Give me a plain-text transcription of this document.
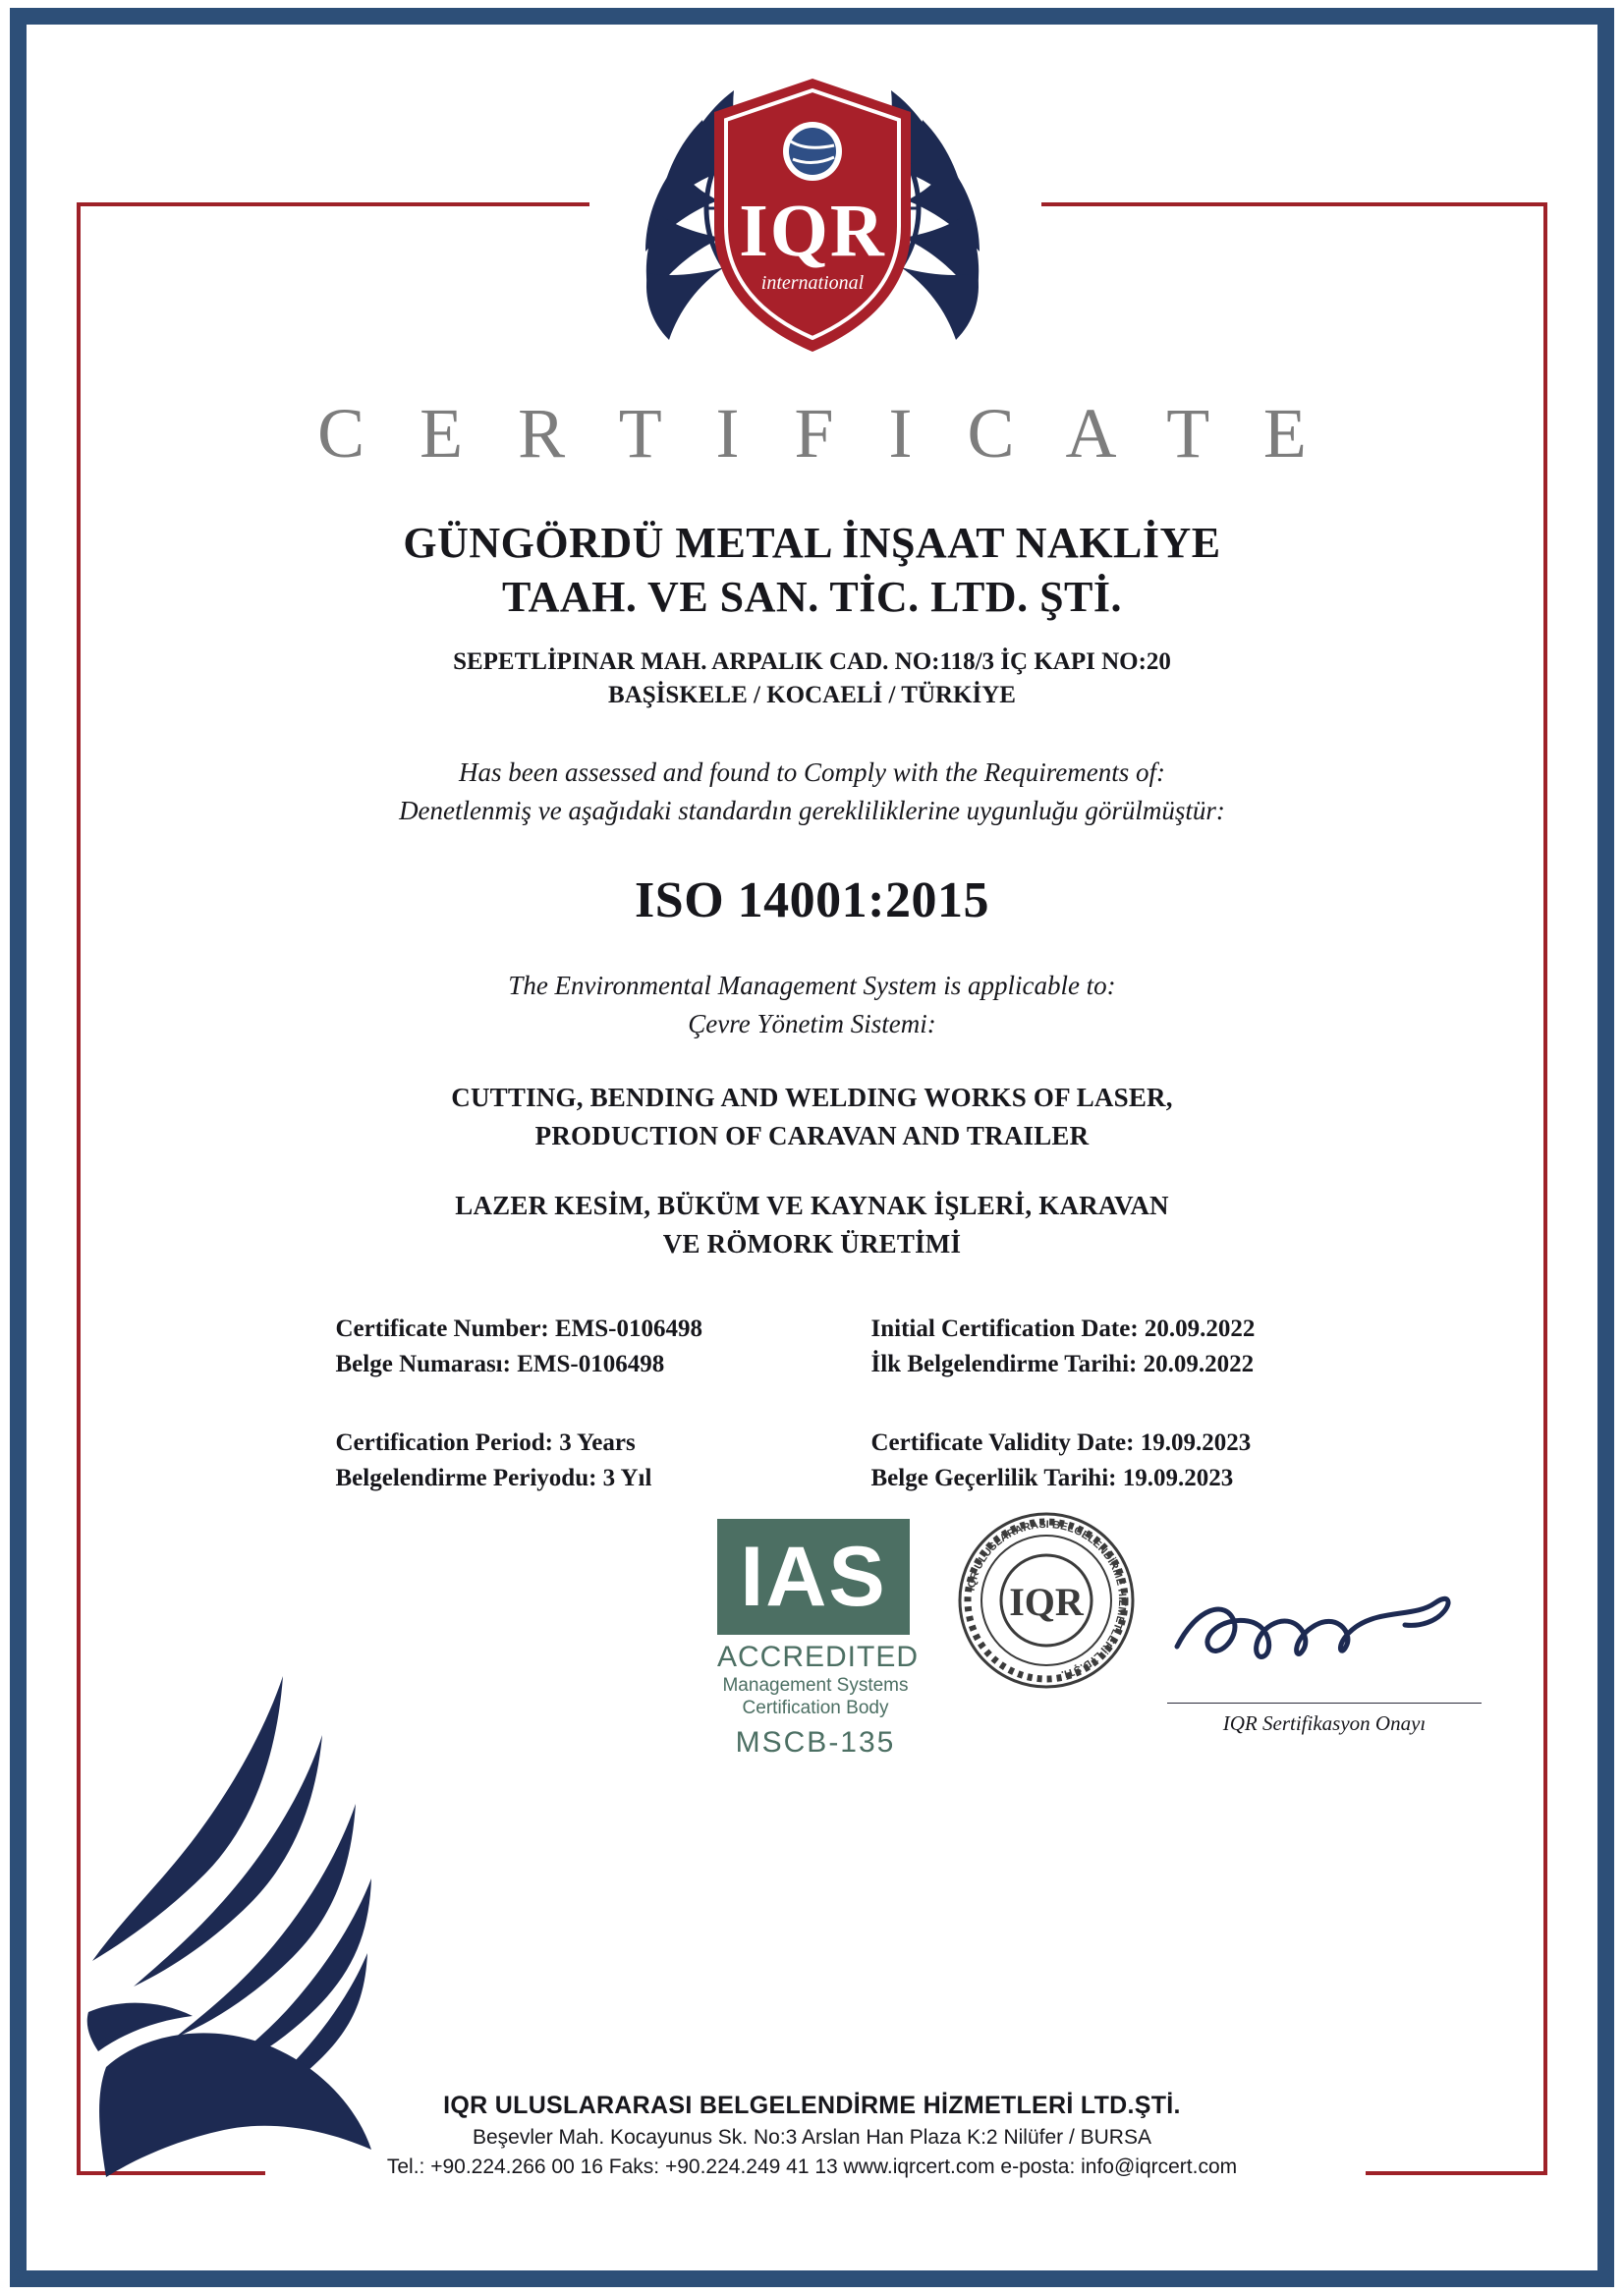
IQR
international
C E R T I F I C A T E
GÜNGÖRDÜ METAL İNŞAAT NAKLİYE
TAAH. VE SAN. TİC. LTD. ŞTİ.
SEPETLİPINAR MAH. ARPALIK CAD. NO:118/3 İÇ KAPI NO:20
BAŞİSKELE / KOCAELİ / TÜRKİYE
Has been assessed and found to Comply with the Requirements of:
Denetlenmiş ve aşağıdaki standardın gerekliliklerine uygunluğu görülmüştür:
ISO 14001:2015
The Environmental Management System is applicable to:
Çevre Yönetim Sistemi:
CUTTING, BENDING AND WELDING WORKS OF LASER,
PRODUCTION OF CARAVAN AND TRAILER
LAZER KESİM, BÜKÜM VE KAYNAK İŞLERİ, KARAVAN
VE RÖMORK ÜRETİMİ
Certificate Number: EMS-0106498
Belge Numarası: EMS-0106498
Initial Certification Date: 20.09.2022
İlk Belgelendirme Tarihi: 20.09.2022
Certification Period: 3 Years
Belgelendirme Periyodu: 3 Yıl
Certificate Validity Date: 19.09.2023
Belge Geçerlilik Tarihi: 19.09.2023
IAS
ACCREDITED
Management Systems
Certification Body
MSCB-135
IQR ULUSLARARASI BELGELENDİRME HİZMETLERİ LTD.ŞTİ.
IQR
IQR Sertifikasyon Onayı
IQR ULUSLARARASI BELGELENDİRME HİZMETLERİ LTD.ŞTİ.
Beşevler Mah. Kocayunus Sk. No:3 Arslan Han Plaza K:2 Nilüfer / BURSA
Tel.: +90.224.266 00 16 Faks: +90.224.249 41 13 www.iqrcert.com e-posta: info@iqrcert.com
